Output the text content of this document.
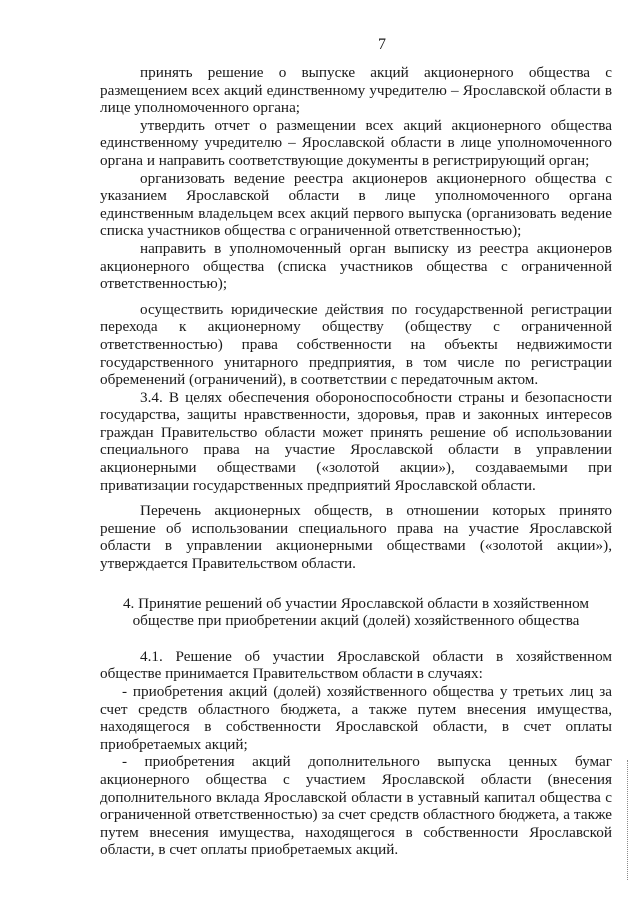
7

принять решение о выпуске акций акционерного общества с размещением всех акций единственному учредителю – Ярославской области в лице уполномоченного органа;

утвердить отчет о размещении всех акций акционерного общества единственному учредителю – Ярославской области в лице уполномоченного органа и направить соответствующие документы в регистрирующий орган;

организовать ведение реестра акционеров акционерного общества с указанием Ярославской области в лице уполномоченного органа единственным владельцем всех акций первого выпуска (организовать ведение списка участников общества с ограниченной ответственностью);

направить в уполномоченный орган выписку из реестра акционеров акционерного общества (списка участников общества с ограниченной ответственностью);

осуществить юридические действия по государственной регистрации перехода к акционерному обществу (обществу с ограниченной ответственностью) права собственности на объекты недвижимости государственного унитарного предприятия, в том числе по регистрации обременений (ограничений), в соответствии с передаточным актом.

3.4. В целях обеспечения обороноспособности страны и безопасности государства, защиты нравственности, здоровья, прав и законных интересов граждан Правительство области может принять решение об использовании специального права на участие Ярославской области в управлении акционерными обществами («золотой акции»), создаваемыми при приватизации государственных предприятий Ярославской области.

Перечень акционерных обществ, в отношении которых принято решение об использовании специального права на участие Ярославской области в управлении акционерными обществами («золотой акции»), утверждается Правительством области.

4. Принятие решений об участии Ярославской области в хозяйственном обществе при приобретении акций (долей) хозяйственного общества

4.1. Решение об участии Ярославской области в хозяйственном обществе принимается Правительством области в случаях:

- приобретения акций (долей) хозяйственного общества у третьих лиц за счет средств областного бюджета, а также путем внесения имущества, находящегося в собственности Ярославской области, в счет оплаты приобретаемых акций;

- приобретения акций дополнительного выпуска ценных бумаг акционерного общества с участием Ярославской области (внесения дополнительного вклада Ярославской области в уставный капитал общества с ограниченной ответственностью) за счет средств областного бюджета, а также путем внесения имущества, находящегося в собственности Ярославской области, в счет оплаты приобретаемых акций.
